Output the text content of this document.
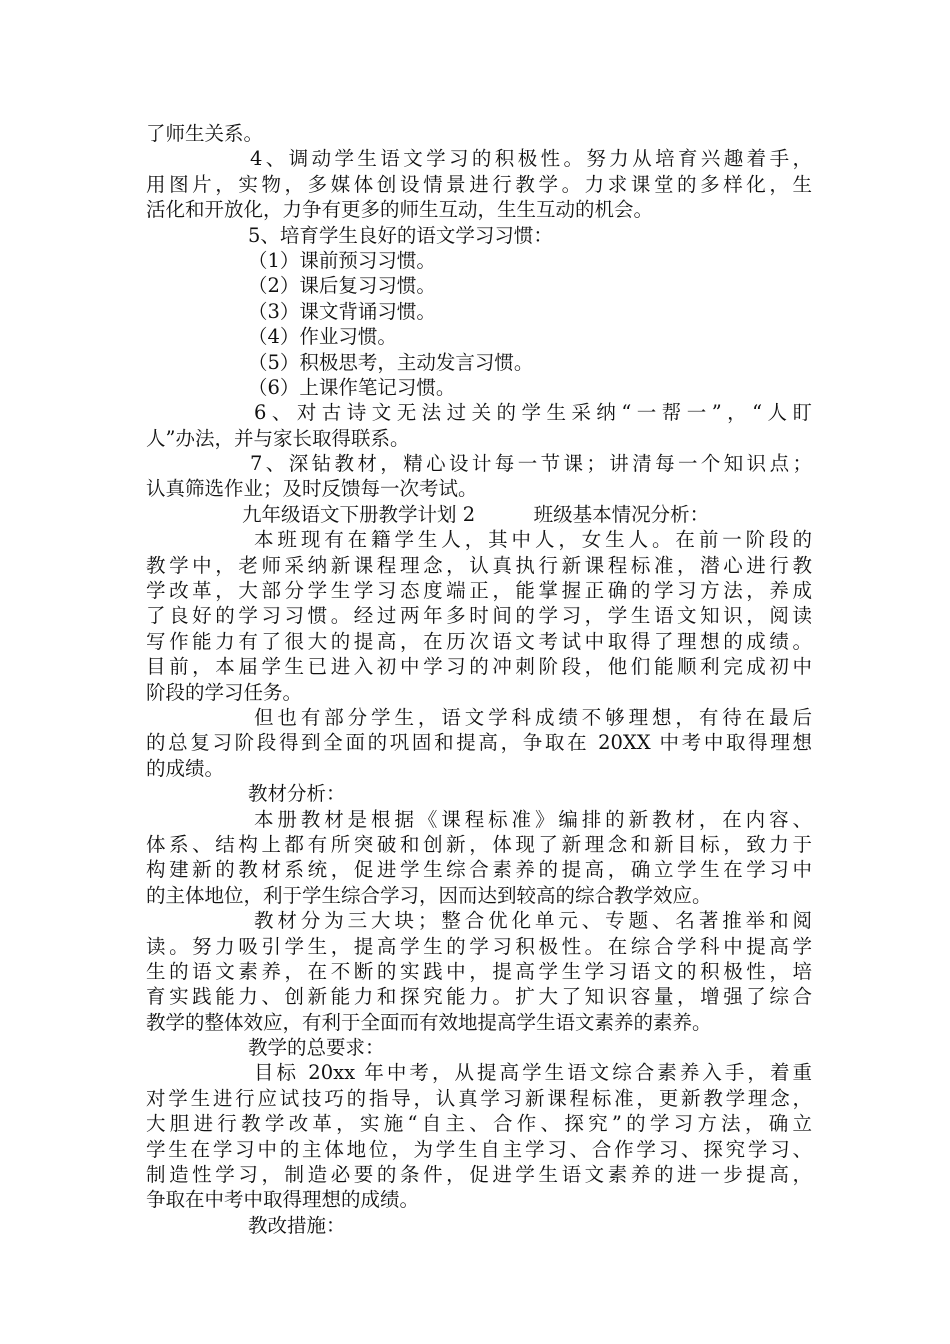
了师生关系。
4、调动学生语文学习的积极性。努力从培育兴趣着手，
用图片，实物，多媒体创设情景进行教学。力求课堂的多样化，生
活化和开放化，力争有更多的师生互动，生生互动的机会。
5、培育学生良好的语文学习习惯：
（1）课前预习习惯。
（2）课后复习习惯。
（3）课文背诵习惯。
（4）作业习惯。
（5）积极思考，主动发言习惯。
（6）上课作笔记习惯。
6、对古诗文无法过关的学生采纳“一帮一”，“人盯
人”办法，并与家长取得联系。
7、深钻教材，精心设计每一节课；讲清每一个知识点；
认真筛选作业；及时反馈每一次考试。
九年级语文下册教学计划 2　　　班级基本情况分析：
本班现有在籍学生人，其中人，女生人。在前一阶段的
教学中，老师采纳新课程理念，认真执行新课程标准，潜心进行教
学改革，大部分学生学习态度端正，能掌握正确的学习方法，养成
了良好的学习习惯。经过两年多时间的学习，学生语文知识，阅读
写作能力有了很大的提高，在历次语文考试中取得了理想的成绩。
目前，本届学生已进入初中学习的冲刺阶段，他们能顺利完成初中
阶段的学习任务。
但也有部分学生，语文学科成绩不够理想，有待在最后
的总复习阶段得到全面的巩固和提高，争取在 20XX 中考中取得理想
的成绩。
教材分析：
本册教材是根据《课程标准》编排的新教材，在内容、
体系、结构上都有所突破和创新，体现了新理念和新目标，致力于
构建新的教材系统，促进学生综合素养的提高，确立学生在学习中
的主体地位，利于学生综合学习，因而达到较高的综合教学效应。
教材分为三大块；整合优化单元、专题、名著推举和阅
读。努力吸引学生，提高学生的学习积极性。在综合学科中提高学
生的语文素养，在不断的实践中，提高学生学习语文的积极性，培
育实践能力、创新能力和探究能力。扩大了知识容量，增强了综合
教学的整体效应，有利于全面而有效地提高学生语文素养的素养。
教学的总要求：
目标 20xx 年中考，从提高学生语文综合素养入手，着重
对学生进行应试技巧的指导，认真学习新课程标准，更新教学理念，
大胆进行教学改革，实施“自主、合作、探究”的学习方法，确立
学生在学习中的主体地位，为学生自主学习、合作学习、探究学习、
制造性学习，制造必要的条件，促进学生语文素养的进一步提高，
争取在中考中取得理想的成绩。
教改措施：
